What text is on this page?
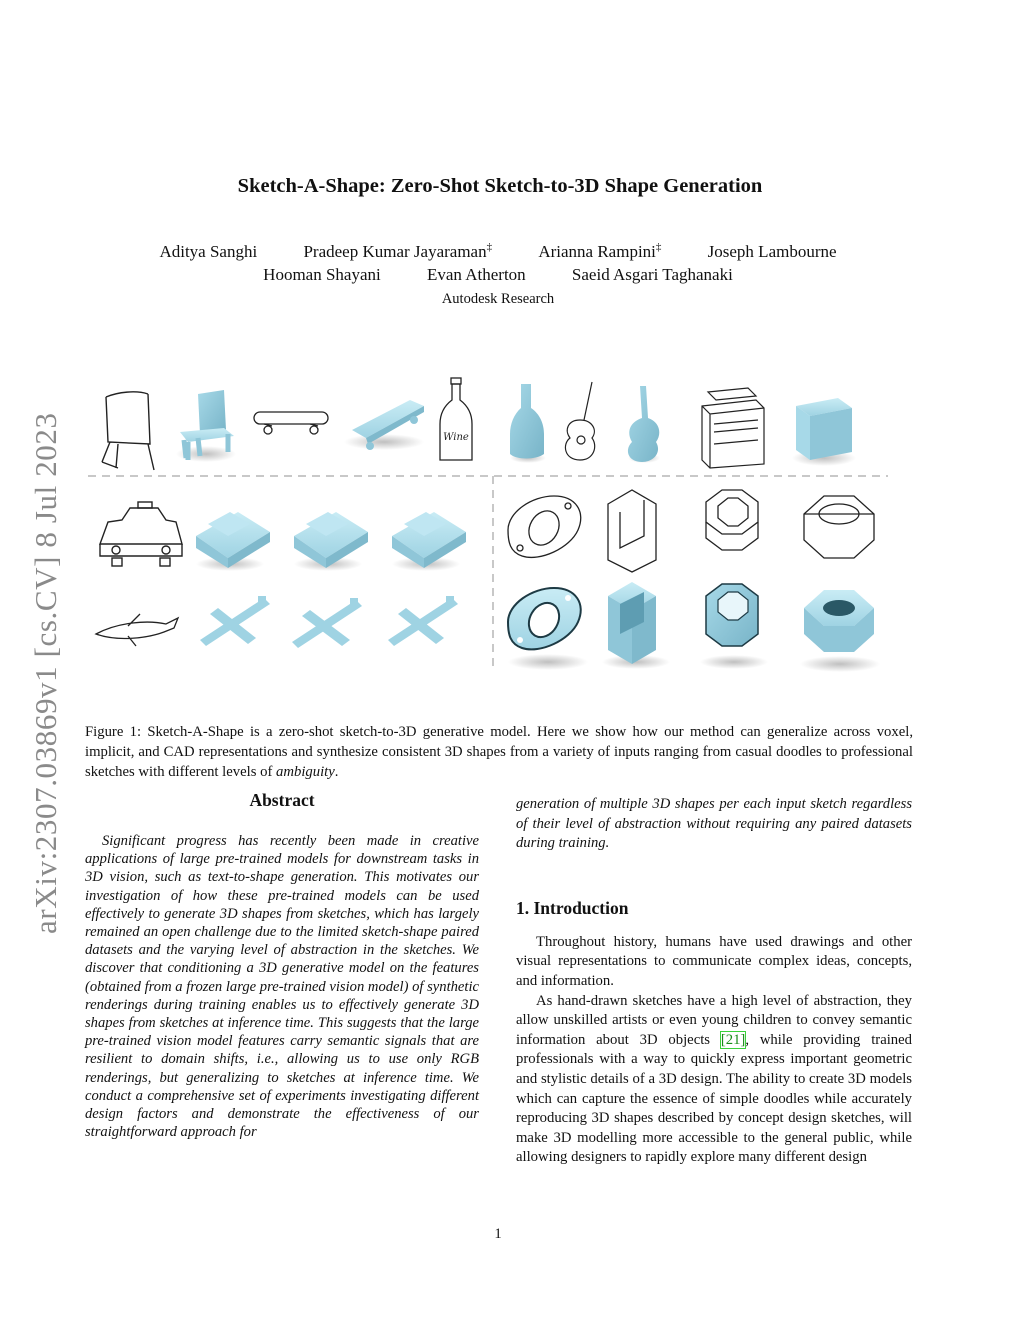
arXiv:2307.03869v1 [cs.CV] 8 Jul 2023
Sketch-A-Shape: Zero-Shot Sketch-to-3D Shape Generation
Aditya Sanghi	Pradeep Kumar Jayaraman‡	Arianna Rampini‡	Joseph Lambourne
Hooman Shayani	Evan Atherton	Saeid Asgari Taghanaki
Autodesk Research
Wine
Figure 1: Sketch-A-Shape is a zero-shot sketch-to-3D generative model. Here we show how our method can generalize across voxel, implicit, and CAD representations and synthesize consistent 3D shapes from a variety of inputs ranging from casual doodles to professional sketches with different levels of ambiguity.
Abstract

Significant progress has recently been made in creative applications of large pre-trained models for downstream tasks in 3D vision, such as text-to-shape generation. This motivates our investigation of how these pre-trained models can be used effectively to generate 3D shapes from sketches, which has largely remained an open challenge due to the limited sketch-shape paired datasets and the varying level of abstraction in the sketches. We discover that conditioning a 3D generative model on the features (obtained from a frozen large pre-trained vision model) of synthetic renderings during training enables us to effectively generate 3D shapes from sketches at inference time. This suggests that the large pre-trained vision model features carry semantic signals that are resilient to domain shifts, i.e., allowing us to use only RGB renderings, but generalizing to sketches at inference time. We conduct a comprehensive set of experiments investigating different design factors and demonstrate the effectiveness of our straightforward approach for

generation of multiple 3D shapes per each input sketch regardless of their level of abstraction without requiring any paired datasets during training.

1. Introduction

Throughout history, humans have used drawings and other visual representations to communicate complex ideas, concepts, and information.

As hand-drawn sketches have a high level of abstraction, they allow unskilled artists or even young children to convey semantic information about 3D objects [21], while providing trained professionals with a way to quickly express important geometric and stylistic details of a 3D design. The ability to create 3D models which can capture the essence of simple doodles while accurately reproducing 3D shapes described by concept design sketches, will make 3D modelling more accessible to the general public, while allowing designers to rapidly explore many different design

1
